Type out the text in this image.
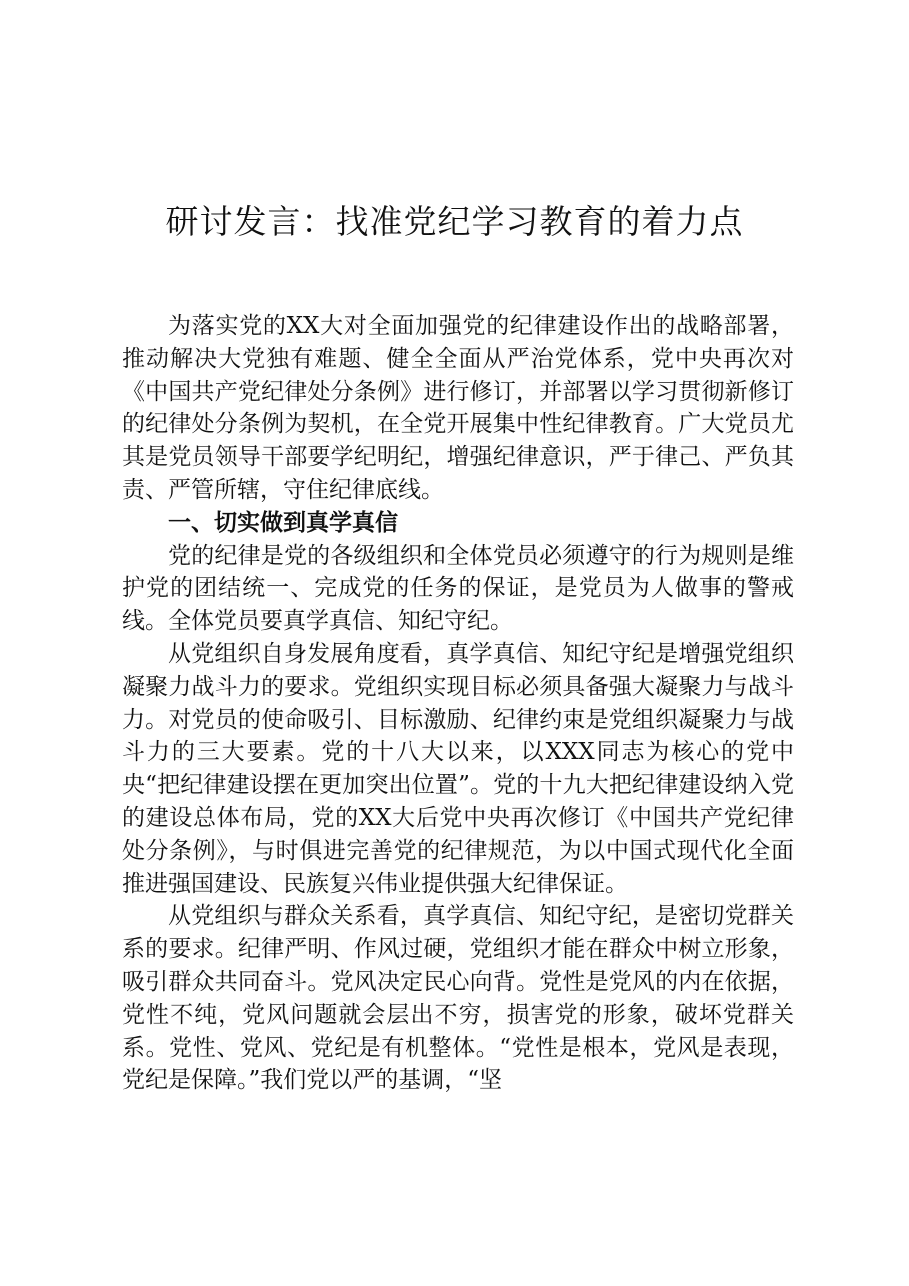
研讨发言：找准党纪学习教育的着力点

为落实党的XX大对全面加强党的纪律建设作出的战略部署，推动解决大党独有难题、健全全面从严治党体系，党中央再次对《中国共产党纪律处分条例》进行修订，并部署以学习贯彻新修订的纪律处分条例为契机，在全党开展集中性纪律教育。广大党员尤其是党员领导干部要学纪明纪，增强纪律意识，严于律己、严负其责、严管所辖，守住纪律底线。

一、切实做到真学真信

党的纪律是党的各级组织和全体党员必须遵守的行为规则是维护党的团结统一、完成党的任务的保证，是党员为人做事的警戒线。全体党员要真学真信、知纪守纪。

从党组织自身发展角度看，真学真信、知纪守纪是增强党组织凝聚力战斗力的要求。党组织实现目标必须具备强大凝聚力与战斗力。对党员的使命吸引、目标激励、纪律约束是党组织凝聚力与战斗力的三大要素。党的十八大以来，以XXX同志为核心的党中央“把纪律建设摆在更加突出位置”。党的十九大把纪律建设纳入党的建设总体布局，党的XX大后党中央再次修订《中国共产党纪律处分条例》，与时俱进完善党的纪律规范，为以中国式现代化全面推进强国建设、民族复兴伟业提供强大纪律保证。

从党组织与群众关系看，真学真信、知纪守纪，是密切党群关系的要求。纪律严明、作风过硬，党组织才能在群众中树立形象，吸引群众共同奋斗。党风决定民心向背。党性是党风的内在依据，党性不纯，党风问题就会层出不穷，损害党的形象，破坏党群关系。党性、党风、党纪是有机整体。“党性是根本，党风是表现，党纪是保障。”我们党以严的基调，“坚
